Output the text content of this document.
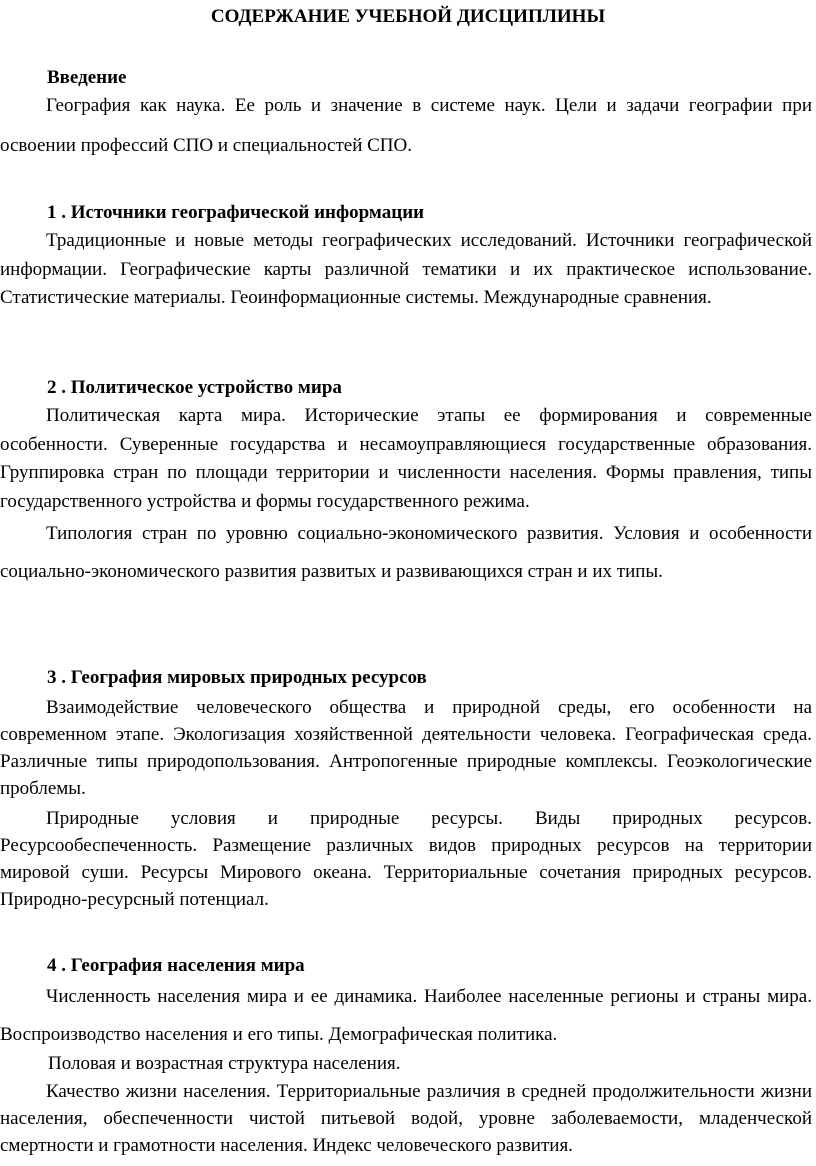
СОДЕРЖАНИЕ УЧЕБНОЙ ДИСЦИПЛИНЫ
Введение
География как наука. Ее роль и значение в системе наук. Цели и задачи географии при освоении профессий СПО и специальностей СПО.
1 . Источники географической информации
Традиционные и новые методы географических исследований. Источники географической информации. Географические карты различной тематики и их практическое использование. Статистические материалы. Геоинформационные системы. Международные сравнения.
2 . Политическое устройство мира
Политическая карта мира. Исторические этапы ее формирования и современные особенности. Суверенные государства и несамоуправляющиеся государственные образования. Группировка стран по площади территории и численности населения. Формы правления, типы государственного устройства и формы государственного режима.
Типология стран по уровню социально-экономического развития. Условия и особенности социально-экономического развития развитых и развивающихся стран и их типы.
3 . География мировых природных ресурсов
Взаимодействие человеческого общества и природной среды, его особенности на современном этапе. Экологизация хозяйственной деятельности человека. Географическая среда. Различные типы природопользования. Антропогенные природные комплексы. Геоэкологические проблемы.
Природные условия и природные ресурсы. Виды природных ресурсов. Ресурсообеспеченность. Размещение различных видов природных ресурсов на территории мировой суши. Ресурсы Мирового океана. Территориальные сочетания природных ресурсов. Природно-ресурсный потенциал.
4 . География населения мира
Численность населения мира и ее динамика. Наиболее населенные регионы и страны мира. Воспроизводство населения и его типы. Демографическая политика.
Половая и возрастная структура населения.
Качество жизни населения. Территориальные различия в средней продолжительности жизни населения, обеспеченности чистой питьевой водой, уровне заболеваемости, младенческой смертности и грамотности населения. Индекс человеческого развития.
